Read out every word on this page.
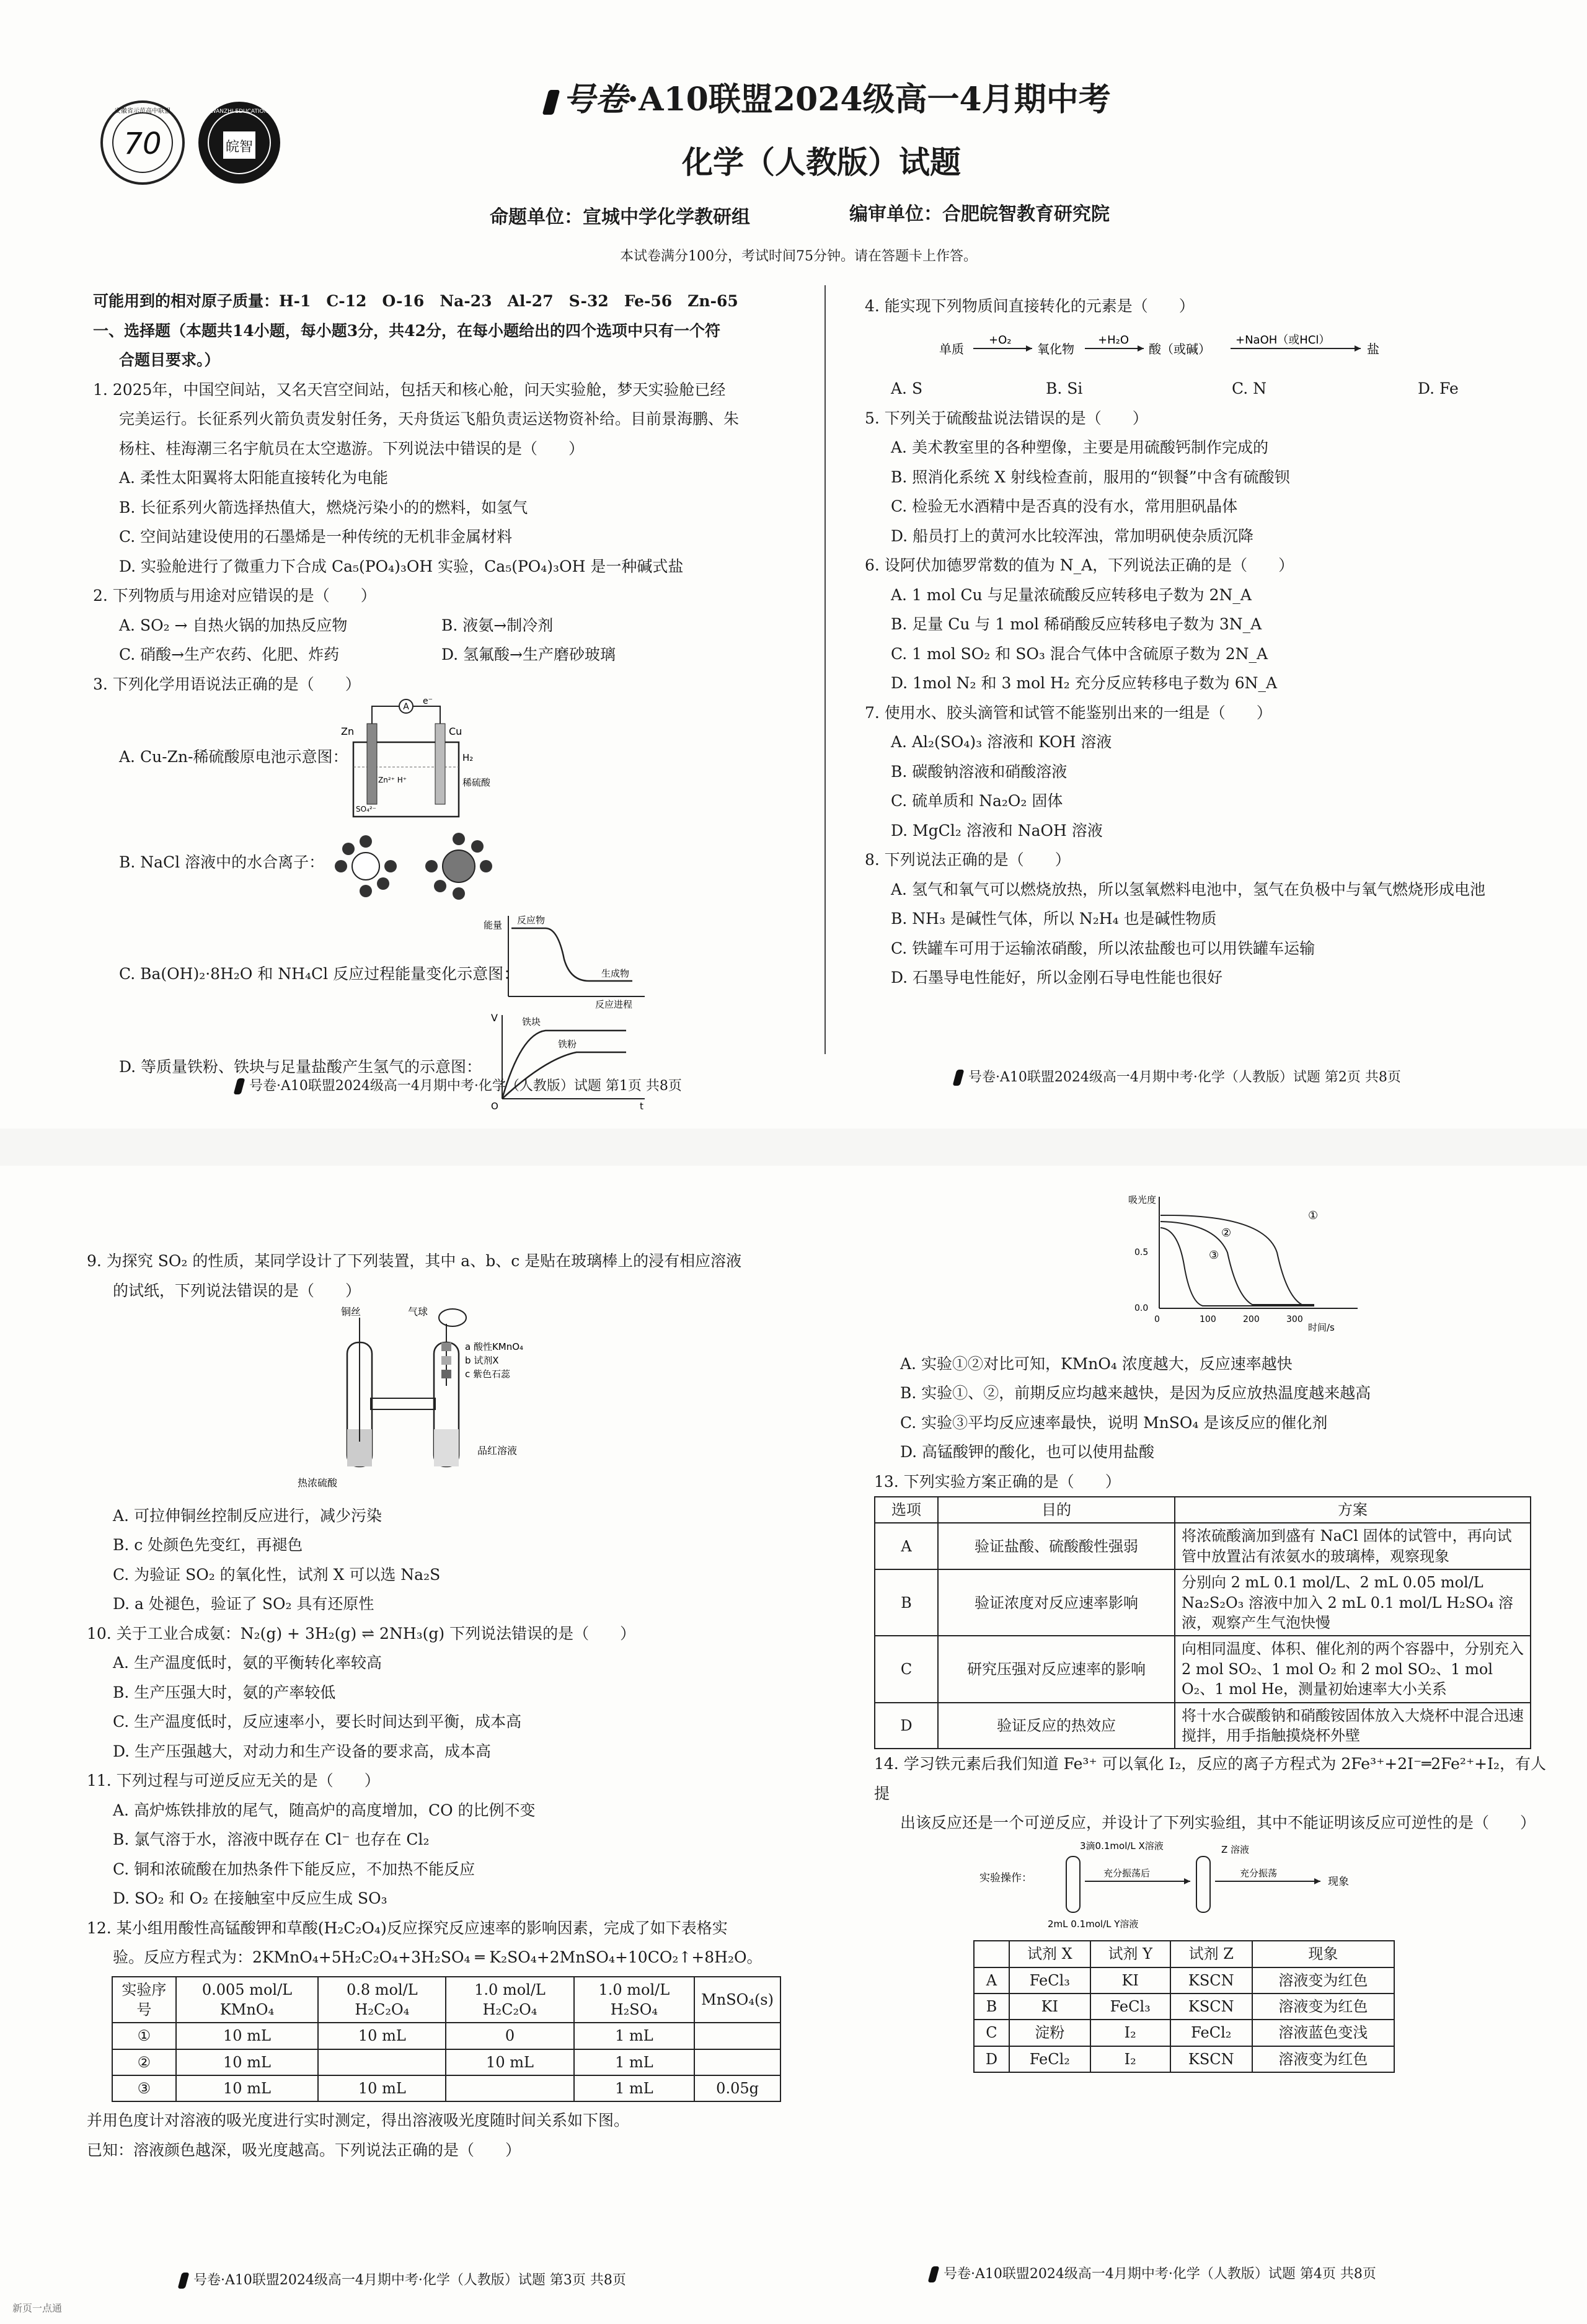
70
安徽省示范高中联盟
皖智
WANZHI EDUCATION	号卷·A10联盟2024级高一4月期中考
化学（人教版）试题
命题单位：宣城中学化学教研组	编审单位：合肥皖智教育研究院
本试卷满分100分，考试时间75分钟。请在答题卡上作答。

可能用到的相对原子质量：H-1　C-12　O-16　Na-23　Al-27　S-32　Fe-56　Zn-65

一、选择题（本题共14小题，每小题3分，共42分，在每小题给出的四个选项中只有一个符

合题目要求。）

1. 2025年，中国空间站，又名天宫空间站，包括天和核心舱，问天实验舱，梦天实验舱已经

完美运行。长征系列火箭负责发射任务，天舟货运飞船负责运送物资补给。目前景海鹏、朱

杨柱、桂海潮三名宇航员在太空遨游。下列说法中错误的是（　　）

A. 柔性太阳翼将太阳能直接转化为电能

B. 长征系列火箭选择热值大，燃烧污染小的的燃料，如氢气

C. 空间站建设使用的石墨烯是一种传统的无机非金属材料

D. 实验舱进行了微重力下合成 Ca₅(PO₄)₃OH 实验，Ca₅(PO₄)₃OH 是一种碱式盐

2. 下列物质与用途对应错误的是（　　）

A. SO₂ → 自热火锅的加热反应物	B. 液氨→制冷剂
C. 硝酸→生产农药、化肥、炸药	D. 氢氟酸→生产磨砂玻璃

3. 下列化学用语说法正确的是（　　）

A. Cu-Zn-稀硫酸原电池示意图：

A
e⁻
Zn	Cu
H₂
稀硫酸
Zn²⁺ H⁺
SO₄²⁻

B. NaCl 溶液中的水合离子：

C. Ba(OH)₂·8H₂O 和 NH₄Cl 反应过程能量变化示意图：

能量 反应物
生成物
反应进程

D. 等质量铁粉、铁块与足量盐酸产生氢气的示意图：

V	铁块
铁粉
O	t
号卷·A10联盟2024级高一4月期中考·化学（人教版）试题 第1页 共8页

4. 能实现下列物质间直接转化的元素是（　　）

单质
+O₂
氧化物
+H₂O
酸（或碱）
+NaOH（或HCl）
盐
A. S	B. Si	C. N	D. Fe

5. 下列关于硫酸盐说法错误的是（　　）

A. 美术教室里的各种塑像，主要是用硫酸钙制作完成的

B. 照消化系统 X 射线检查前，服用的“钡餐”中含有硫酸钡

C. 检验无水酒精中是否真的没有水，常用胆矾晶体

D. 船员打上的黄河水比较浑浊，常加明矾使杂质沉降

6. 设阿伏加德罗常数的值为 N_A，下列说法正确的是（　　）

A. 1 mol Cu 与足量浓硫酸反应转移电子数为 2N_A

B. 足量 Cu 与 1 mol 稀硝酸反应转移电子数为 3N_A

C. 1 mol SO₂ 和 SO₃ 混合气体中含硫原子数为 2N_A

D. 1mol N₂ 和 3 mol H₂ 充分反应转移电子数为 6N_A

7. 使用水、胶头滴管和试管不能鉴别出来的一组是（　　）

A. Al₂(SO₄)₃ 溶液和 KOH 溶液

B. 碳酸钠溶液和硝酸溶液

C. 硫单质和 Na₂O₂ 固体

D. MgCl₂ 溶液和 NaOH 溶液

8. 下列说法正确的是（　　）

A. 氢气和氧气可以燃烧放热，所以氢氧燃料电池中，氢气在负极中与氧气燃烧形成电池

B. NH₃ 是碱性气体，所以 N₂H₄ 也是碱性物质

C. 铁罐车可用于运输浓硝酸，所以浓盐酸也可以用铁罐车运输

D. 石墨导电性能好，所以金刚石导电性能也很好

号卷·A10联盟2024级高一4月期中考·化学（人教版）试题 第2页 共8页

9. 为探究 SO₂ 的性质，某同学设计了下列装置，其中 a、b、c 是贴在玻璃棒上的浸有相应溶液

的试纸，下列说法错误的是（　　）

铜丝	气球
a 酸性KMnO₄
b 试剂X
c 紫色石蕊
热浓硫酸
品红溶液

A. 可拉伸铜丝控制反应进行，减少污染

B. c 处颜色先变红，再褪色

C. 为验证 SO₂ 的氧化性，试剂 X 可以选 Na₂S

D. a 处褪色，验证了 SO₂ 具有还原性

10. 关于工业合成氨：N₂(g) + 3H₂(g) ⇌ 2NH₃(g) 下列说法错误的是（　　）

A. 生产温度低时，氨的平衡转化率较高

B. 生产压强大时，氨的产率较低

C. 生产温度低时，反应速率小，要长时间达到平衡，成本高

D. 生产压强越大，对动力和生产设备的要求高，成本高

11. 下列过程与可逆反应无关的是（　　）

A. 高炉炼铁排放的尾气，随高炉的高度增加，CO 的比例不变

B. 氯气溶于水，溶液中既存在 Cl⁻ 也存在 Cl₂

C. 铜和浓硫酸在加热条件下能反应，不加热不能反应

D. SO₂ 和 O₂ 在接触室中反应生成 SO₃

12. 某小组用酸性高锰酸钾和草酸(H₂C₂O₄)反应探究反应速率的影响因素，完成了如下表格实

验。反应方程式为：2KMnO₄+5H₂C₂O₄+3H₂SO₄ ═ K₂SO₄+2MnSO₄+10CO₂↑+8H₂O。

实验序号	0.005 mol/L KMnO₄	0.8 mol/L H₂C₂O₄	1.0 mol/L H₂C₂O₄	1.0 mol/L H₂SO₄	MnSO₄(s)
①	10 mL	10 mL	0	1 mL	
②	10 mL		10 mL	1 mL	
③	10 mL	10 mL		1 mL	0.05g

并用色度计对溶液的吸光度进行实时测定，得出溶液吸光度随时间关系如下图。

已知：溶液颜色越深，吸光度越高。下列说法正确的是（　　）

号卷·A10联盟2024级高一4月期中考·化学（人教版）试题 第3页 共8页
吸光度
时间/s
0	100	200	300
0.0
0.5
①
②
③

A. 实验①②对比可知，KMnO₄ 浓度越大，反应速率越快

B. 实验①、②，前期反应均越来越快，是因为反应放热温度越来越高

C. 实验③平均反应速率最快，说明 MnSO₄ 是该反应的催化剂

D. 高锰酸钾的酸化，也可以使用盐酸

13. 下列实验方案正确的是（　　）

选项	目的	方案
A	验证盐酸、硫酸酸性强弱	将浓硫酸滴加到盛有 NaCl 固体的试管中，再向试管中放置沾有浓氨水的玻璃棒，观察现象
B	验证浓度对反应速率影响	分别向 2 mL 0.1 mol/L、2 mL 0.05 mol/L Na₂S₂O₃ 溶液中加入 2 mL 0.1 mol/L H₂SO₄ 溶液，观察产生气泡快慢
C	研究压强对反应速率的影响	向相同温度、体积、催化剂的两个容器中，分别充入 2 mol SO₂、1 mol O₂ 和 2 mol SO₂、1 mol O₂、1 mol He，测量初始速率大小关系
D	验证反应的热效应	将十水合碳酸钠和硝酸铵固体放入大烧杯中混合迅速搅拌，用手指触摸烧杯外壁

14. 学习铁元素后我们知道 Fe³⁺ 可以氧化 I₂，反应的离子方程式为 2Fe³⁺+2I⁻═2Fe²⁺+I₂，有人提

出该反应还是一个可逆反应，并设计了下列实验组，其中不能证明该反应可逆性的是（　　）

实验操作：
3滴0.1mol/L X溶液	Z 溶液
充分振荡后	充分振荡
现象
2mL 0.1mol/L Y溶液
	试剂 X	试剂 Y	试剂 Z	现象
A	FeCl₃	KI	KSCN	溶液变为红色
B	KI	FeCl₃	KSCN	溶液变为红色
C	淀粉	I₂	FeCl₂	溶液蓝色变浅
D	FeCl₂	I₂	KSCN	溶液变为红色
号卷·A10联盟2024级高一4月期中考·化学（人教版）试题 第4页 共8页
新页一点通
